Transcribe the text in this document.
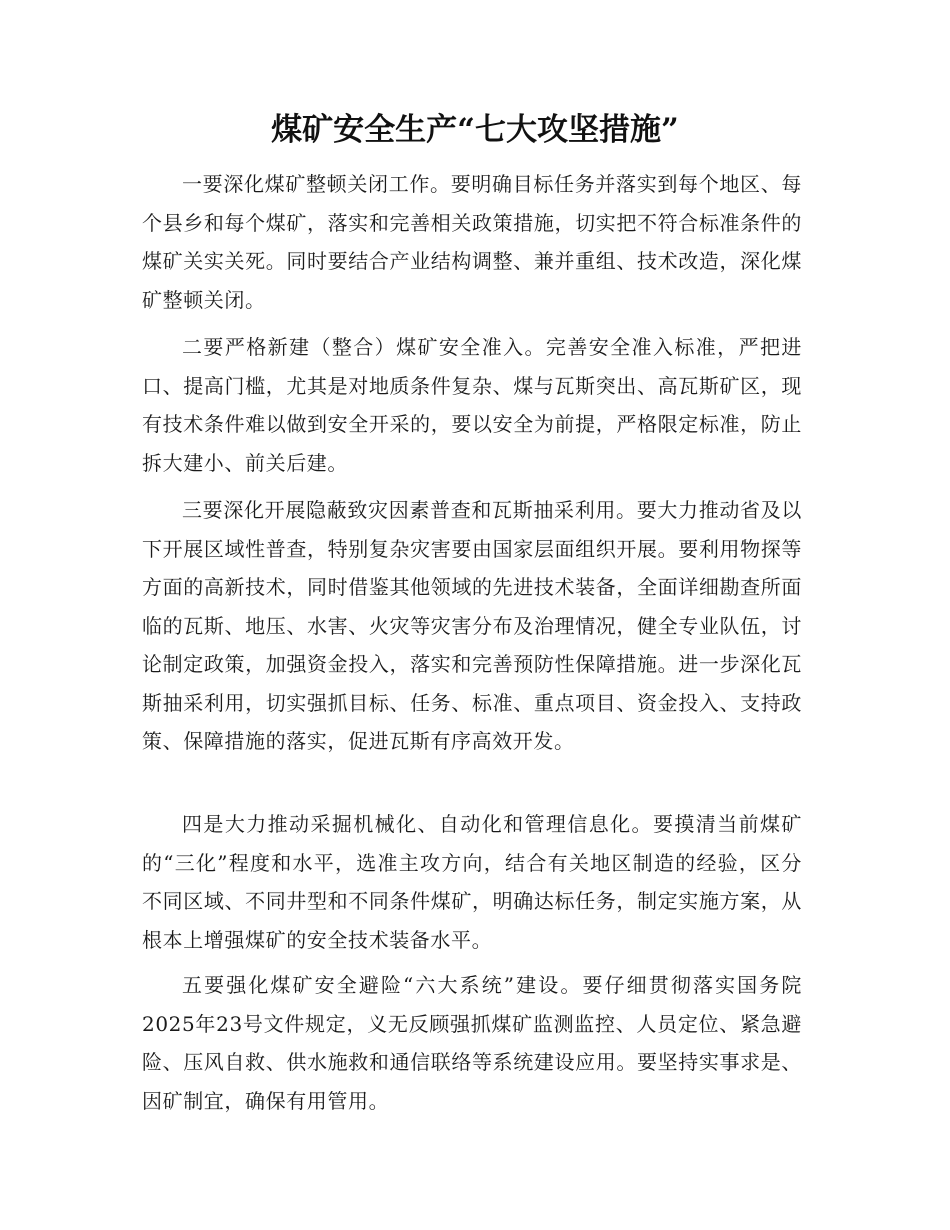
煤矿安全生产“七大攻坚措施”

一要深化煤矿整顿关闭工作。要明确目标任务并落实到每个地区、每个县乡和每个煤矿，落实和完善相关政策措施，切实把不符合标准条件的煤矿关实关死。同时要结合产业结构调整、兼并重组、技术改造，深化煤矿整顿关闭。

二要严格新建（整合）煤矿安全准入。完善安全准入标准，严把进口、提高门槛，尤其是对地质条件复杂、煤与瓦斯突出、高瓦斯矿区，现有技术条件难以做到安全开采的，要以安全为前提，严格限定标准，防止拆大建小、前关后建。

三要深化开展隐蔽致灾因素普查和瓦斯抽采利用。要大力推动省及以下开展区域性普查，特别复杂灾害要由国家层面组织开展。要利用物探等方面的高新技术，同时借鉴其他领域的先进技术装备，全面详细勘查所面临的瓦斯、地压、水害、火灾等灾害分布及治理情况，健全专业队伍，讨论制定政策，加强资金投入，落实和完善预防性保障措施。进一步深化瓦斯抽采利用，切实强抓目标、任务、标准、重点项目、资金投入、支持政策、保障措施的落实，促进瓦斯有序高效开发。

四是大力推动采掘机械化、自动化和管理信息化。要摸清当前煤矿的“三化”程度和水平，选准主攻方向，结合有关地区制造的经验，区分不同区域、不同井型和不同条件煤矿，明确达标任务，制定实施方案，从根本上增强煤矿的安全技术装备水平。

五要强化煤矿安全避险“六大系统”建设。要仔细贯彻落实国务院2025年23号文件规定，义无反顾强抓煤矿监测监控、人员定位、紧急避险、压风自救、供水施救和通信联络等系统建设应用。要坚持实事求是、因矿制宜，确保有用管用。
